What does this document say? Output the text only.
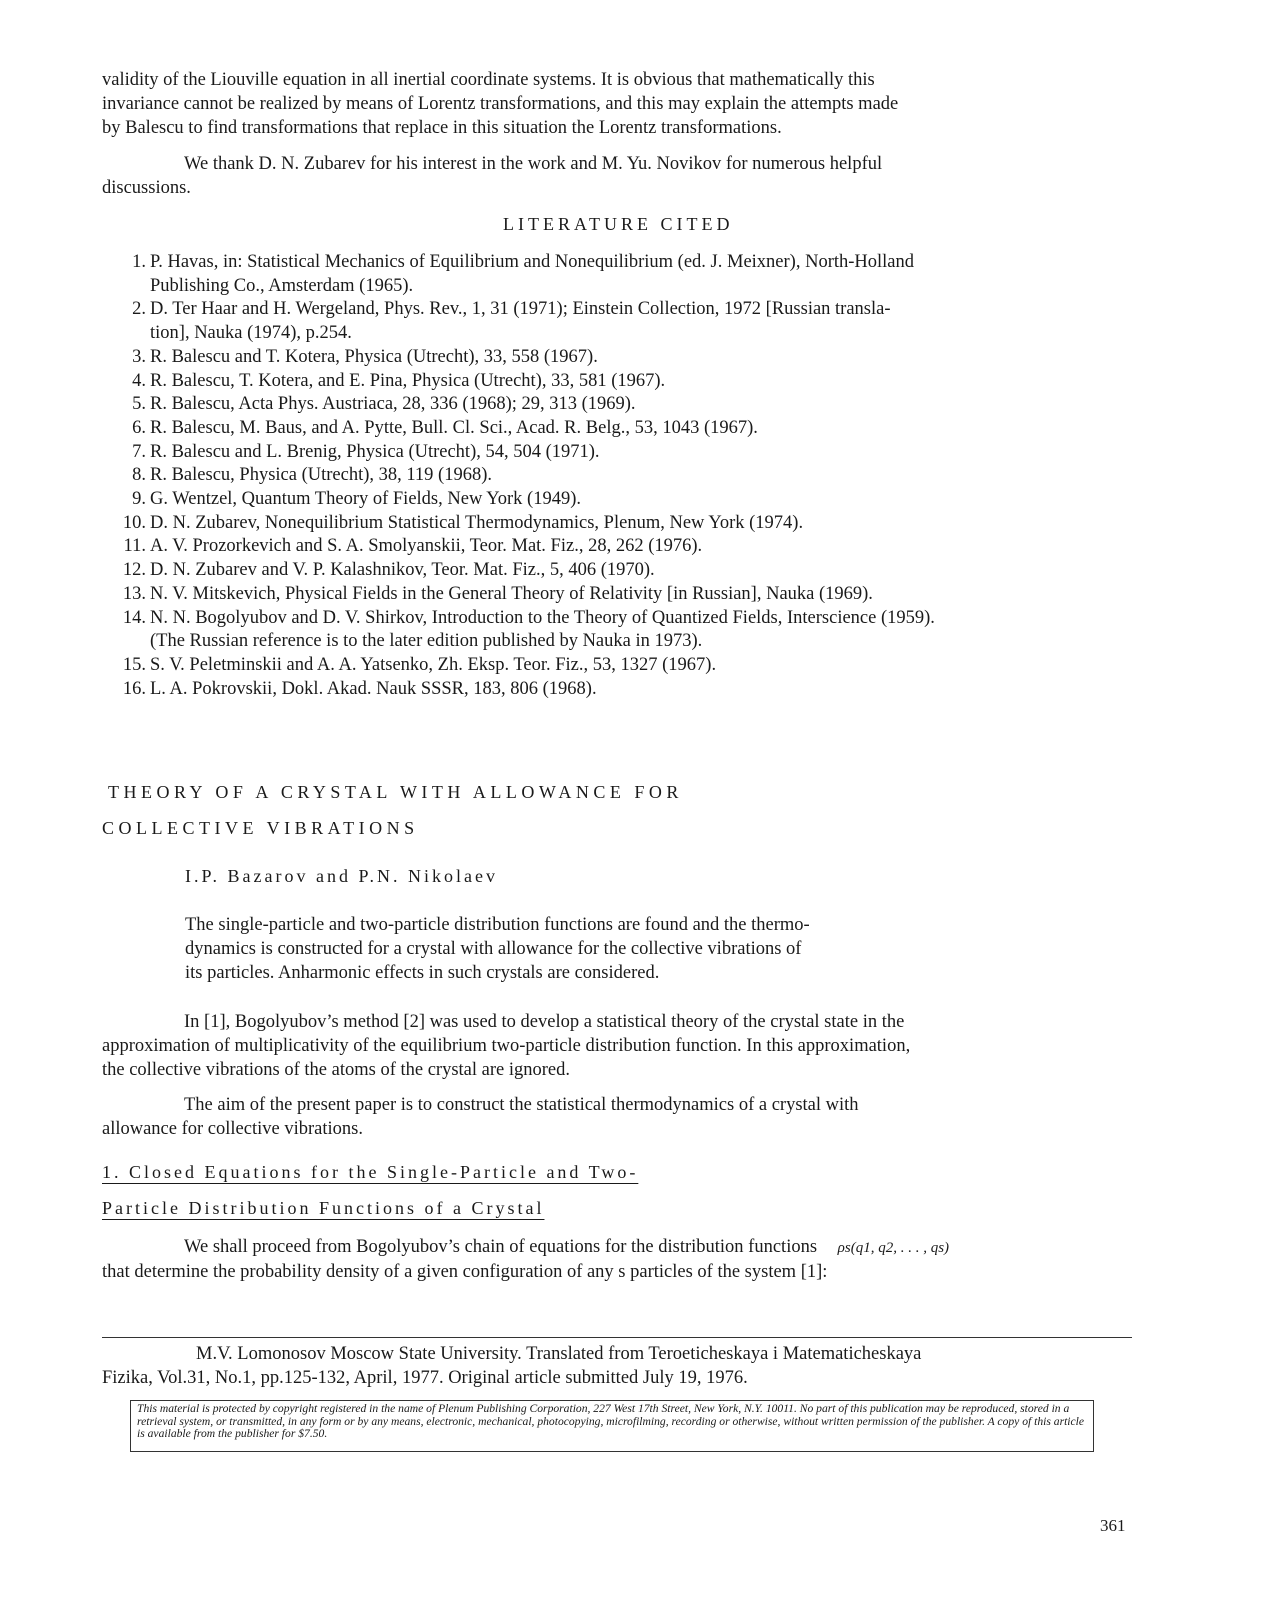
validity of the Liouville equation in all inertial coordinate systems. It is obvious that mathematically this
invariance cannot be realized by means of Lorentz transformations, and this may explain the attempts made
by Balescu to find transformations that replace in this situation the Lorentz transformations.
We thank D. N. Zubarev for his interest in the work and M. Yu. Novikov for numerous helpful
discussions.
LITERATURE CITED
1. P. Havas, in: Statistical Mechanics of Equilibrium and Nonequilibrium (ed. J. Meixner), North-Holland
Publishing Co., Amsterdam (1965).
2. D. Ter Haar and H. Wergeland, Phys. Rev., 1, 31 (1971); Einstein Collection, 1972 [Russian transla-
tion], Nauka (1974), p.254.
3. R. Balescu and T. Kotera, Physica (Utrecht), 33, 558 (1967).
4. R. Balescu, T. Kotera, and E. Pina, Physica (Utrecht), 33, 581 (1967).
5. R. Balescu, Acta Phys. Austriaca, 28, 336 (1968); 29, 313 (1969).
6. R. Balescu, M. Baus, and A. Pytte, Bull. Cl. Sci., Acad. R. Belg., 53, 1043 (1967).
7. R. Balescu and L. Brenig, Physica (Utrecht), 54, 504 (1971).
8. R. Balescu, Physica (Utrecht), 38, 119 (1968).
9. G. Wentzel, Quantum Theory of Fields, New York (1949).
10. D. N. Zubarev, Nonequilibrium Statistical Thermodynamics, Plenum, New York (1974).
11. A. V. Prozorkevich and S. A. Smolyanskii, Teor. Mat. Fiz., 28, 262 (1976).
12. D. N. Zubarev and V. P. Kalashnikov, Teor. Mat. Fiz., 5, 406 (1970).
13. N. V. Mitskevich, Physical Fields in the General Theory of Relativity [in Russian], Nauka (1969).
14. N. N. Bogolyubov and D. V. Shirkov, Introduction to the Theory of Quantized Fields, Interscience (1959).
(The Russian reference is to the later edition published by Nauka in 1973).
15. S. V. Peletminskii and A. A. Yatsenko, Zh. Eksp. Teor. Fiz., 53, 1327 (1967).
16. L. A. Pokrovskii, Dokl. Akad. Nauk SSSR, 183, 806 (1968).
THEORY OF A CRYSTAL WITH ALLOWANCE FOR
COLLECTIVE VIBRATIONS
I.P. Bazarov and P.N. Nikolaev
The single-particle and two-particle distribution functions are found and the thermo-
dynamics is constructed for a crystal with allowance for the collective vibrations of
its particles. Anharmonic effects in such crystals are considered.
In [1], Bogolyubov’s method [2] was used to develop a statistical theory of the crystal state in the
approximation of multiplicativity of the equilibrium two-particle distribution function. In this approximation,
the collective vibrations of the atoms of the crystal are ignored.
The aim of the present paper is to construct the statistical thermodynamics of a crystal with
allowance for collective vibrations.
1. Closed Equations for the Single-Particle and Two-
Particle Distribution Functions of a Crystal
We shall proceed from Bogolyubov’s chain of equations for the distribution functions ρs(q1, q2, . . . , qs)
that determine the probability density of a given configuration of any s particles of the system [1]:
M.V. Lomonosov Moscow State University. Translated from Teroeticheskaya i Matematicheskaya
Fizika, Vol.31, No.1, pp.125-132, April, 1977. Original article submitted July 19, 1976.
This material is protected by copyright registered in the name of Plenum Publishing Corporation, 227 West 17th Street, New York, N.Y. 10011. No part of this publication may be reproduced, stored in a retrieval system, or transmitted, in any form or by any means, electronic, mechanical, photocopying, microfilming, recording or otherwise, without written permission of the publisher. A copy of this article is available from the publisher for $7.50.
361
